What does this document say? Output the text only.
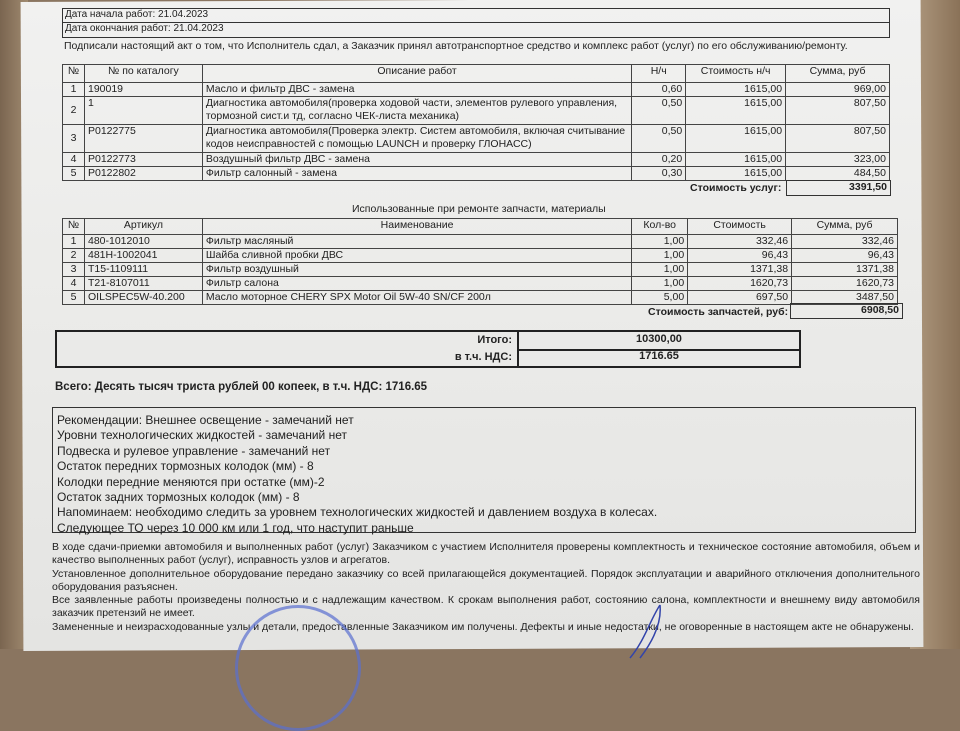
Дата начала работ: 21.04.2023
Дата окончания работ: 21.04.2023
Подписали настоящий акт о том, что Исполнитель сдал, а Заказчик принял автотранспортное средство и комплекс работ (услуг) по его обслуживанию/ремонту.
№	№ по каталогу	Описание работ	Н/ч	Стоимость н/ч	Сумма, руб
1	190019	Масло и фильтр ДВС - замена	0,60	1615,00	969,00
2	1	Диагностика автомобиля(проверка ходовой части, элементов рулевого управления, тормозной сист.и тд, согласно ЧЕК-листа механика)	0,50	1615,00	807,50
3	P0122775	Диагностика автомобиля(Проверка электр. Систем автомобиля, включая считывание кодов неисправностей с помощью LAUNCH и проверку ГЛОНАСС)	0,50	1615,00	807,50
4	P0122773	Воздушный фильтр ДВС - замена	0,20	1615,00	323,00
5	P0122802	Фильтр салонный - замена	0,30	1615,00	484,50
Стоимость услуг:	3391,50
Использованные при ремонте запчасти, материалы
№	Артикул	Наименование	Кол-во	Стоимость	Сумма, руб
1	480-1012010	Фильтр масляный	1,00	332,46	332,46
2	481H-1002041	Шайба сливной пробки ДВС	1,00	96,43	96,43
3	T15-1109111	Фильтр воздушный	1,00	1371,38	1371,38
4	T21-8107011	Фильтр салона	1,00	1620,73	1620,73
5	OILSPEC5W-40.200	Масло моторное CHERY SPX Motor Oil 5W-40 SN/CF 200л	5,00	697,50	3487,50
Стоимость запчастей, руб:	6908,50
Итого:	10300,00
в т.ч. НДС:	1716.65
Всего: Десять тысяч триста рублей 00 копеек, в т.ч. НДС: 1716.65
Рекомендации: Внешнее освещение - замечаний нет
Уровни технологических жидкостей - замечаний нет
Подвеска и рулевое управление - замечаний нет
Остаток передних тормозных колодок (мм) - 8
Колодки передние меняются при остатке (мм)-2
Остаток задних тормозных колодок (мм) - 8
Напоминаем: необходимо следить за уровнем технологических жидкостей и давлением воздуха в колесах.
Следующее ТО через 10 000 км или 1 год, что наступит раньше
В ходе сдачи-приемки автомобиля и выполненных работ (услуг) Заказчиком с участием Исполнителя проверены комплектность и техническое состояние автомобиля, объем и качество выполненных работ (услуг), исправность узлов и агрегатов.
Установленное дополнительное оборудование передано заказчику со всей прилагающейся документацией. Порядок эксплуатации и аварийного отключения дополнительного оборудования разъяснен.
Все заявленные работы произведены полностью и с надлежащим качеством. К срокам выполнения работ, состоянию салона, комплектности и внешнему виду автомобиля заказчик претензий не имеет.
Замененные и неизрасходованные узлы и детали, предоставленные Заказчиком им получены. Дефекты и иные недостатки, не оговоренные в настоящем акте не обнаружены.
